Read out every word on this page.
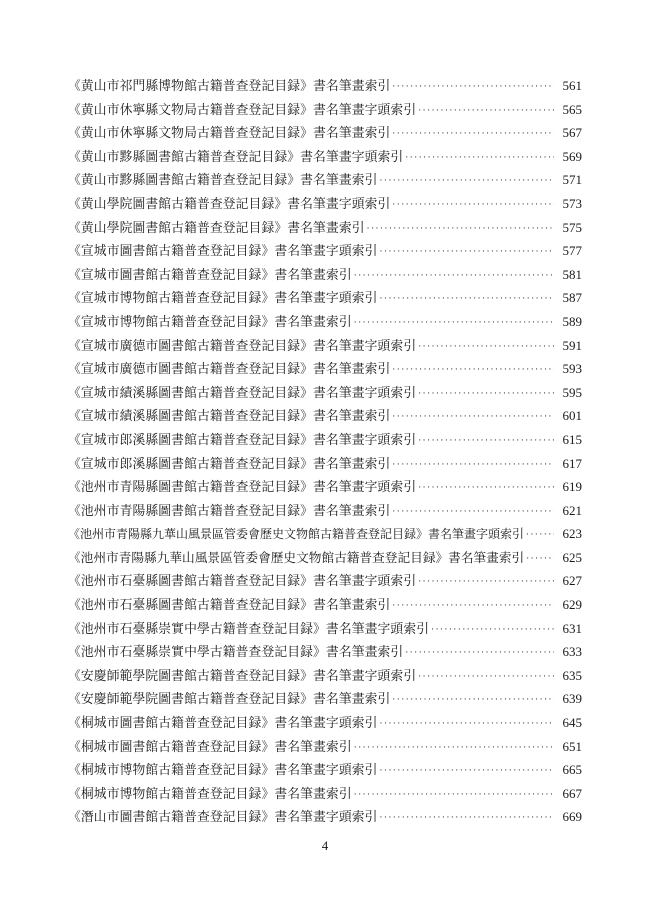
《黄山市祁門縣博物館古籍普查登記目録》書名筆畫索引 ·····	561
《黄山市休寧縣文物局古籍普查登記目録》書名筆畫字頭索引 ·····	565
《黄山市休寧縣文物局古籍普查登記目録》書名筆畫索引 ·····	567
《黄山市黟縣圖書館古籍普查登記目録》書名筆畫字頭索引 ·····	569
《黄山市黟縣圖書館古籍普查登記目録》書名筆畫索引 ·····	571
《黄山學院圖書館古籍普查登記目録》書名筆畫字頭索引 ·····	573
《黄山學院圖書館古籍普查登記目録》書名筆畫索引 ·····	575
《宣城市圖書館古籍普查登記目録》書名筆畫字頭索引 ·····	577
《宣城市圖書館古籍普查登記目録》書名筆畫索引 ·····	581
《宣城市博物館古籍普查登記目録》書名筆畫字頭索引 ·····	587
《宣城市博物館古籍普查登記目録》書名筆畫索引 ·····	589
《宣城市廣德市圖書館古籍普查登記目録》書名筆畫字頭索引 ·····	591
《宣城市廣德市圖書館古籍普查登記目録》書名筆畫索引 ·····	593
《宣城市績溪縣圖書館古籍普查登記目録》書名筆畫字頭索引 ·····	595
《宣城市績溪縣圖書館古籍普查登記目録》書名筆畫索引 ·····	601
《宣城市郎溪縣圖書館古籍普查登記目録》書名筆畫字頭索引 ·····	615
《宣城市郎溪縣圖書館古籍普查登記目録》書名筆畫索引 ·····	617
《池州市青陽縣圖書館古籍普查登記目録》書名筆畫字頭索引 ·····	619
《池州市青陽縣圖書館古籍普查登記目録》書名筆畫索引 ·····	621
《池州市青陽縣九華山風景區管委會歷史文物館古籍普查登記目録》書名筆畫字頭索引 ·····	623
《池州市青陽縣九華山風景區管委會歷史文物館古籍普查登記目録》書名筆畫索引 ·····	625
《池州市石臺縣圖書館古籍普查登記目録》書名筆畫字頭索引 ·····	627
《池州市石臺縣圖書館古籍普查登記目録》書名筆畫索引 ·····	629
《池州市石臺縣崇實中學古籍普查登記目録》書名筆畫字頭索引 ·····	631
《池州市石臺縣崇實中學古籍普查登記目録》書名筆畫索引 ·····	633
《安慶師範學院圖書館古籍普查登記目録》書名筆畫字頭索引 ·····	635
《安慶師範學院圖書館古籍普查登記目録》書名筆畫索引 ·····	639
《桐城市圖書館古籍普查登記目録》書名筆畫字頭索引 ·····	645
《桐城市圖書館古籍普查登記目録》書名筆畫索引 ·····	651
《桐城市博物館古籍普查登記目録》書名筆畫字頭索引 ·····	665
《桐城市博物館古籍普查登記目録》書名筆畫索引 ·····	667
《潛山市圖書館古籍普查登記目録》書名筆畫字頭索引 ·····	669
4
